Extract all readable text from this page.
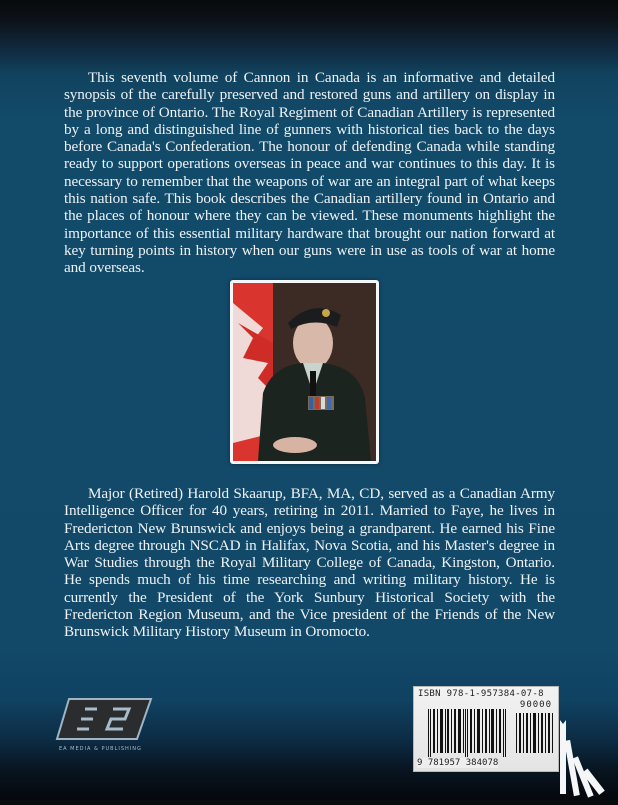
This seventh volume of Cannon in Canada is an informative and detailed synopsis of the carefully preserved and restored guns and artillery on display in the province of Ontario. The Royal Regiment of Canadian Artillery is represented by a long and distinguished line of gunners with historical ties back to the days before Canada's Confederation. The honour of defending Canada while standing ready to support operations overseas in peace and war continues to this day. It is necessary to remember that the weapons of war are an integral part of what keeps this nation safe. This book describes the Canadian artillery found in Ontario and the places of honour where they can be viewed. These monuments highlight the importance of this essential military hardware that brought our nation forward at key turning points in history when our guns were in use as tools of war at home and overseas.

Major (Retired) Harold Skaarup, BFA, MA, CD, served as a Canadian Army Intelligence Officer for 40 years, retiring in 2011. Married to Faye, he lives in Fredericton New Brunswick and enjoys being a grandparent. He earned his Fine Arts degree through NSCAD in Halifax, Nova Scotia, and his Master's degree in War Studies through the Royal Military College of Canada, Kingston, Ontario. He spends much of his time researching and writing military history. He is currently the President of the York Sunbury Historical Society with the Fredericton Region Museum, and the Vice president of the Friends of the New Brunswick Military History Museum in Oromocto.

EA MEDIA & PUBLISHING
ISBN 978-1-957384-07-8
90000
9 781957 384078
